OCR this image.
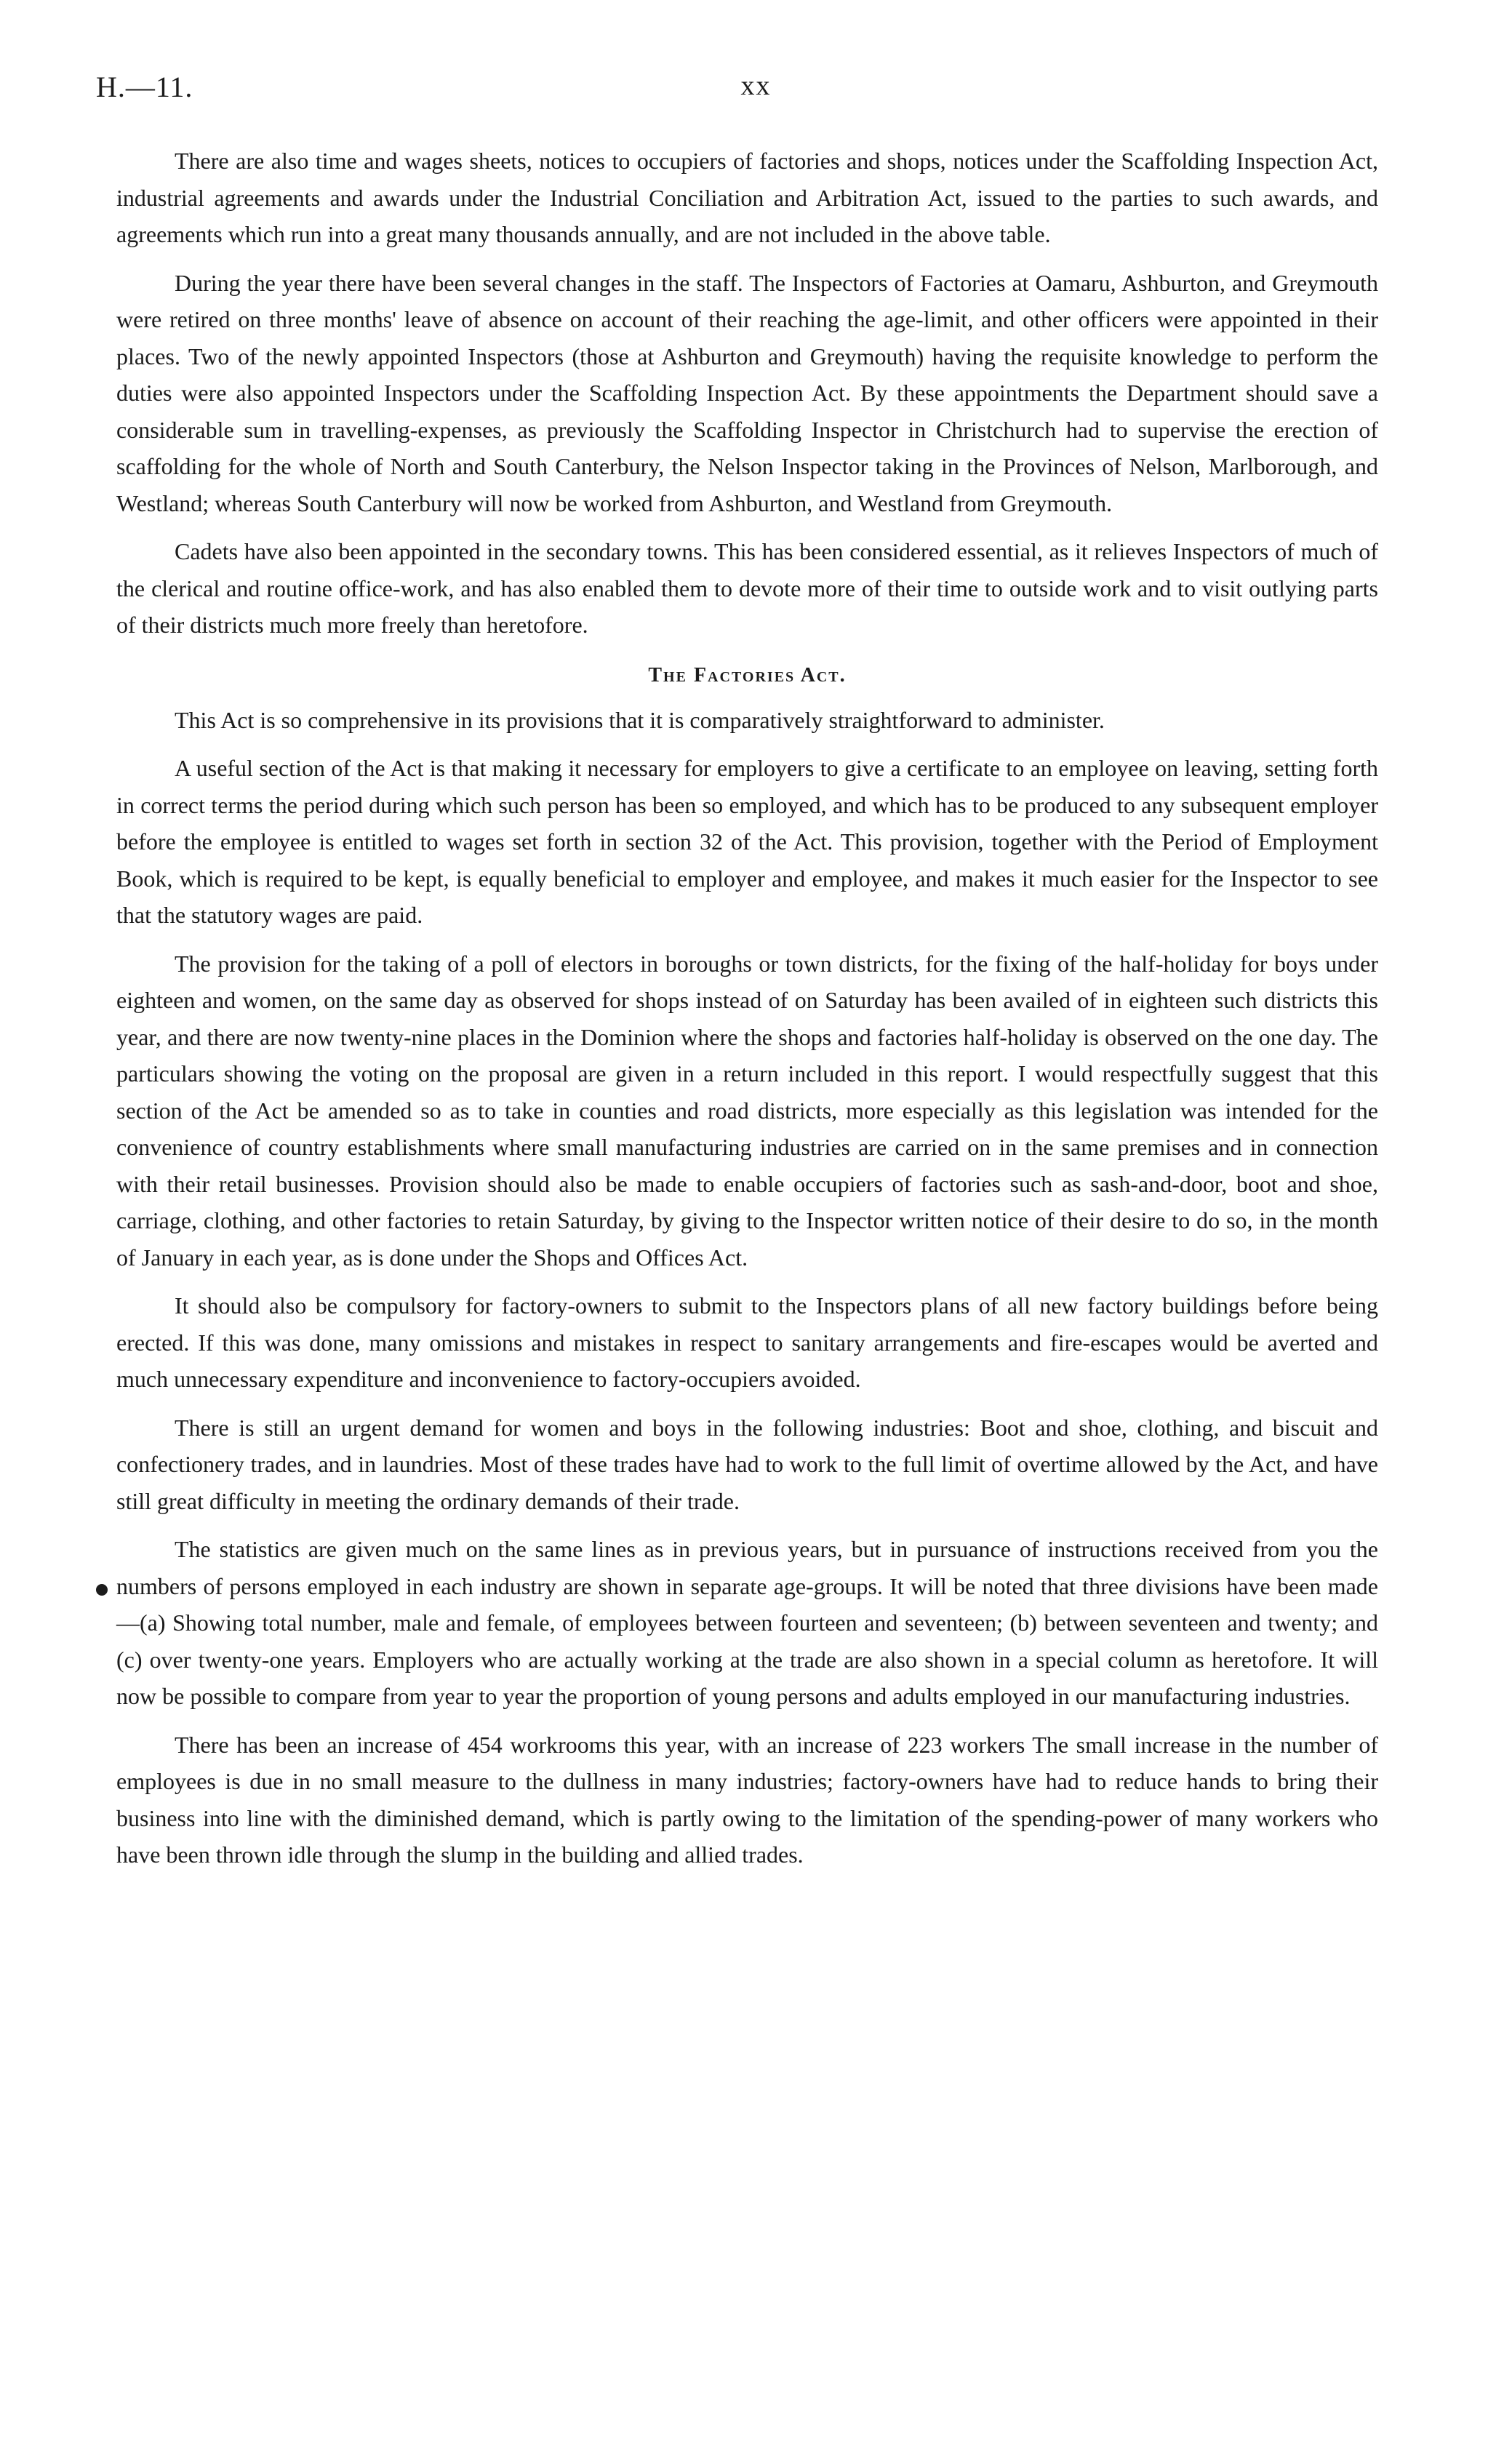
H.—11.	xx

There are also time and wages sheets, notices to occupiers of factories and shops, notices under the Scaffolding Inspection Act, industrial agreements and awards under the Industrial Conciliation and Arbitration Act, issued to the parties to such awards, and agreements which run into a great many thousands annually, and are not included in the above table.

During the year there have been several changes in the staff. The Inspectors of Factories at Oamaru, Ashburton, and Greymouth were retired on three months' leave of absence on account of their reaching the age-limit, and other officers were appointed in their places. Two of the newly appointed Inspectors (those at Ashburton and Greymouth) having the requisite knowledge to perform the duties were also appointed Inspectors under the Scaffolding Inspection Act. By these appointments the Department should save a considerable sum in travelling-expenses, as previously the Scaffolding Inspector in Christchurch had to supervise the erection of scaffolding for the whole of North and South Canterbury, the Nelson Inspector taking in the Provinces of Nelson, Marlborough, and Westland; whereas South Canterbury will now be worked from Ashburton, and Westland from Greymouth.

Cadets have also been appointed in the secondary towns. This has been considered essential, as it relieves Inspectors of much of the clerical and routine office-work, and has also enabled them to devote more of their time to outside work and to visit outlying parts of their districts much more freely than heretofore.

The Factories Act.

This Act is so comprehensive in its provisions that it is comparatively straightforward to administer.

A useful section of the Act is that making it necessary for employers to give a certificate to an employee on leaving, setting forth in correct terms the period during which such person has been so employed, and which has to be produced to any subsequent employer before the employee is entitled to wages set forth in section 32 of the Act. This provision, together with the Period of Employment Book, which is required to be kept, is equally beneficial to employer and employee, and makes it much easier for the Inspector to see that the statutory wages are paid.

The provision for the taking of a poll of electors in boroughs or town districts, for the fixing of the half-holiday for boys under eighteen and women, on the same day as observed for shops instead of on Saturday has been availed of in eighteen such districts this year, and there are now twenty-nine places in the Dominion where the shops and factories half-holiday is observed on the one day. The particulars showing the voting on the proposal are given in a return included in this report. I would respectfully suggest that this section of the Act be amended so as to take in counties and road districts, more especially as this legislation was intended for the convenience of country establishments where small manufacturing industries are carried on in the same premises and in connection with their retail businesses. Provision should also be made to enable occupiers of factories such as sash-and-door, boot and shoe, carriage, clothing, and other factories to retain Saturday, by giving to the Inspector written notice of their desire to do so, in the month of January in each year, as is done under the Shops and Offices Act.

It should also be compulsory for factory-owners to submit to the Inspectors plans of all new factory buildings before being erected. If this was done, many omissions and mistakes in respect to sanitary arrangements and fire-escapes would be averted and much unnecessary expenditure and inconvenience to factory-occupiers avoided.

There is still an urgent demand for women and boys in the following industries: Boot and shoe, clothing, and biscuit and confectionery trades, and in laundries. Most of these trades have had to work to the full limit of overtime allowed by the Act, and have still great difficulty in meeting the ordinary demands of their trade.

The statistics are given much on the same lines as in previous years, but in pursuance of instructions received from you the numbers of persons employed in each industry are shown in separate age-groups. It will be noted that three divisions have been made—(a) Showing total number, male and female, of employees between fourteen and seventeen; (b) between seventeen and twenty; and (c) over twenty-one years. Employers who are actually working at the trade are also shown in a special column as heretofore. It will now be possible to compare from year to year the proportion of young persons and adults employed in our manufacturing industries.

There has been an increase of 454 workrooms this year, with an increase of 223 workers The small increase in the number of employees is due in no small measure to the dullness in many industries; factory-owners have had to reduce hands to bring their business into line with the diminished demand, which is partly owing to the limitation of the spending-power of many workers who have been thrown idle through the slump in the building and allied trades.
